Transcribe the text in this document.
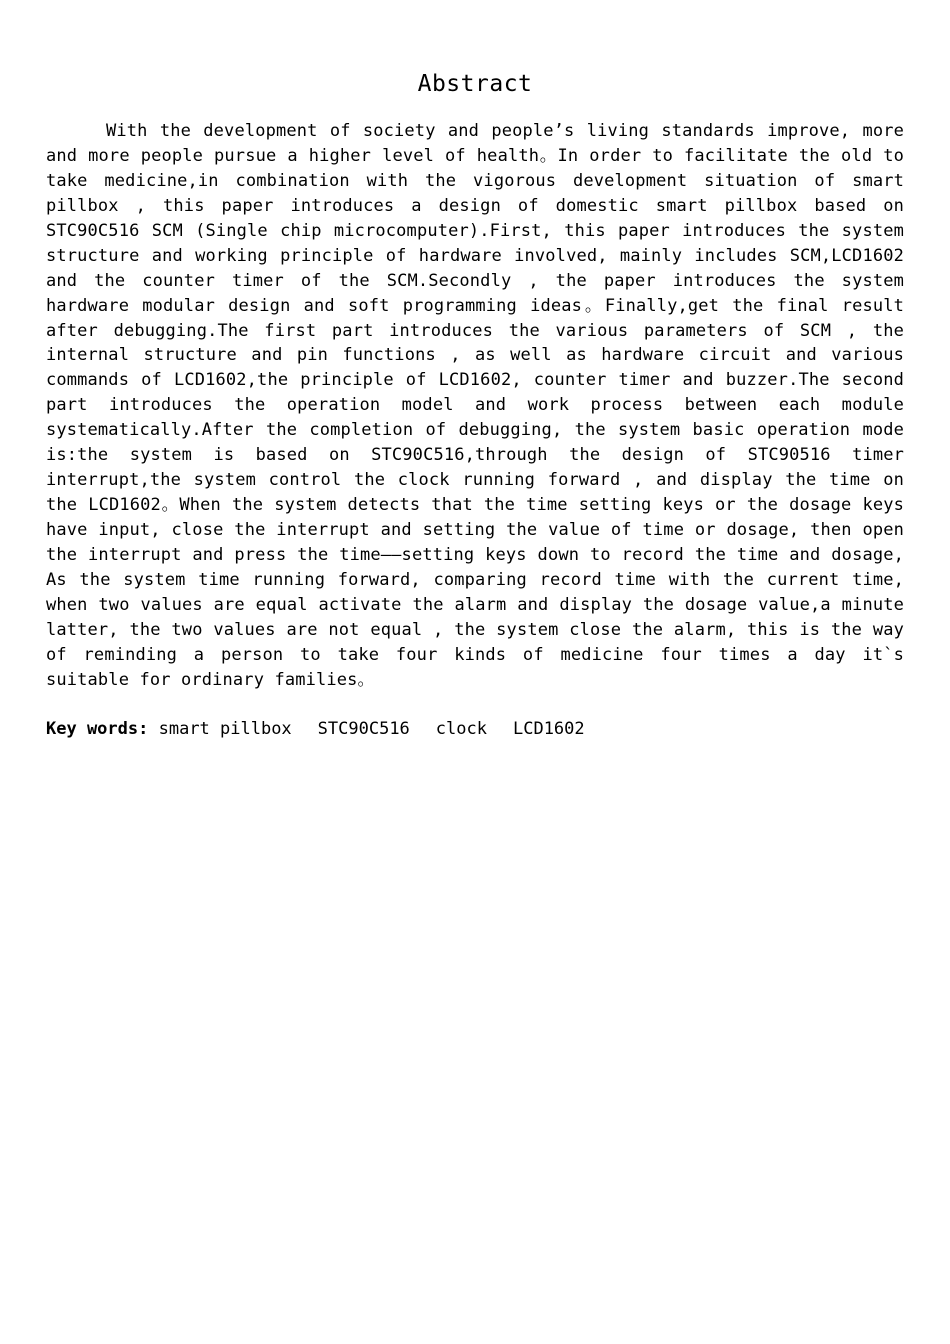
Abstract

With the development of society and people’s living standards improve, more and more people pursue a higher level of health。In order to facilitate the old to take medicine,in combination with the vigorous development situation of smart pillbox , this paper introduces a design of domestic smart pillbox based on STC90C516 SCM (Single chip microcomputer).First, this paper introduces the system structure and working principle of hardware involved, mainly includes SCM,LCD1602 and the counter timer of the SCM.Secondly , the paper introduces the system hardware modular design and soft programming ideas。Finally,get the final result after debugging.The first part introduces the various parameters of SCM , the internal structure and pin functions , as well as hardware circuit and various commands of LCD1602,the principle of LCD1602, counter timer and buzzer.The second part introduces the operation model and work process between each module systematically.After the completion of debugging, the system basic operation mode is:the system is based on STC90C516,through the design of STC90516 timer interrupt,the system control the clock running forward , and display the time on the LCD1602。When the system detects that the time setting keys or the dosage keys have input, close the interrupt and setting the value of time or dosage, then open the interrupt and press the time——setting keys down to record the time and dosage, As the system time running forward, comparing record time with the current time, when two values are equal activate the alarm and display the dosage value,a minute latter, the two values are not equal , the system close the alarm, this is the way of reminding a person to take four kinds of medicine four times a day it`s suitable for ordinary families。

Key words: smart pillbox STC90C516 clock LCD1602
